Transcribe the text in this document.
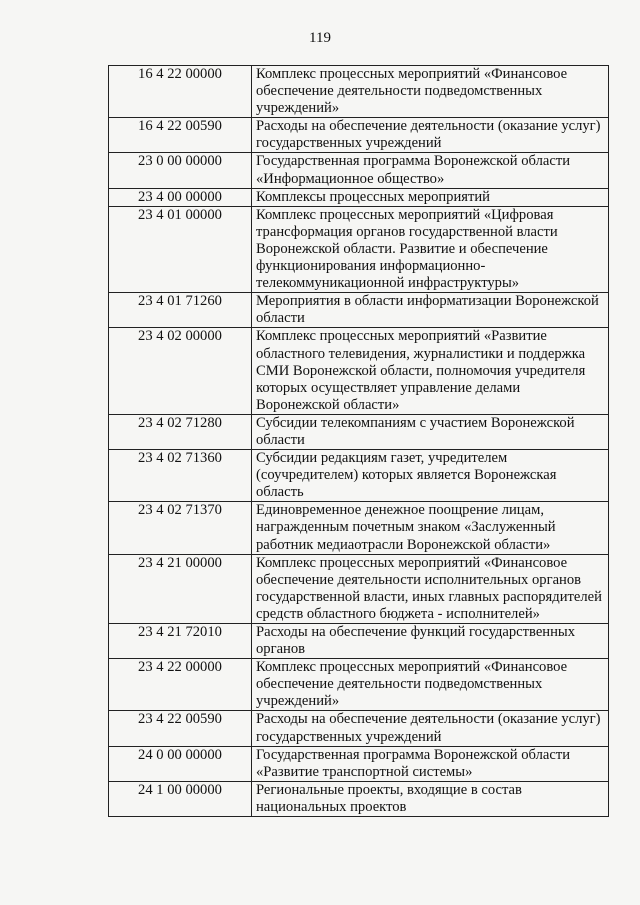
119
16 4 22 00000	Комплекс процессных мероприятий «Финансовое обеспечение деятельности подведомственных учреждений»
16 4 22 00590	Расходы на обеспечение деятельности (оказание услуг) государственных учреждений
23 0 00 00000	Государственная программа Воронежской области «Информационное общество»
23 4 00 00000	Комплексы процессных мероприятий
23 4 01 00000	Комплекс процессных мероприятий «Цифровая трансформация органов государственной власти Воронежской области. Развитие и обеспечение функционирования информационно-телекоммуникационной инфраструктуры»
23 4 01 71260	Мероприятия в области информатизации Воронежской области
23 4 02 00000	Комплекс процессных мероприятий «Развитие областного телевидения, журналистики и поддержка СМИ Воронежской области, полномочия учредителя которых осуществляет управление делами Воронежской области»
23 4 02 71280	Субсидии телекомпаниям с участием Воронежской области
23 4 02 71360	Субсидии редакциям газет, учредителем (соучредителем) которых является Воронежская область
23 4 02 71370	Единовременное денежное поощрение лицам, награжденным почетным знаком «Заслуженный работник медиаотрасли Воронежской области»
23 4 21 00000	Комплекс процессных мероприятий «Финансовое обеспечение деятельности исполнительных органов государственной власти, иных главных распорядителей средств областного бюджета - исполнителей»
23 4 21 72010	Расходы на обеспечение функций государственных органов
23 4 22 00000	Комплекс процессных мероприятий «Финансовое обеспечение деятельности подведомственных учреждений»
23 4 22 00590	Расходы на обеспечение деятельности (оказание услуг) государственных учреждений
24 0 00 00000	Государственная программа Воронежской области «Развитие транспортной системы»
24 1 00 00000	Региональные проекты, входящие в состав национальных проектов
